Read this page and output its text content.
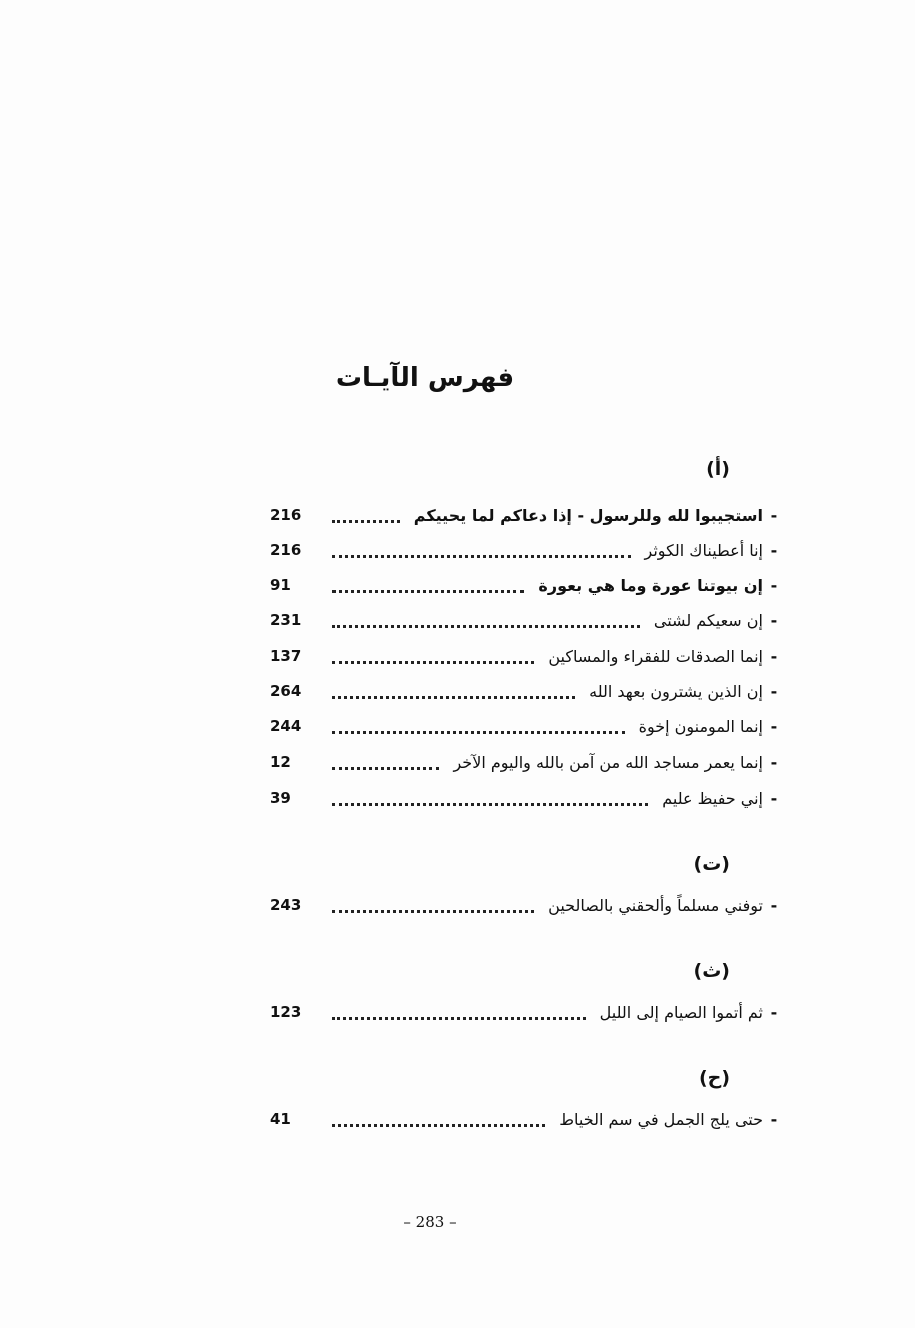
فهرس الآيـات
(أ)
-
استجيبوا لله وللرسول - إذا دعاكم لما يحييكم
216
-
إنا أعطيناك الكوثر
216
-
إن بيوتنا عورة وما هي بعورة
91
-
إن سعيكم لشتى
231
-
إنما الصدقات للفقراء والمساكين
137
-
إن الذين يشترون بعهد الله
264
-
إنما المومنون إخوة
244
-
إنما يعمر مساجد الله من آمن بالله واليوم الآخر
12
-
إني حفيظ عليم
39
(ت)
-
توفني مسلماً وألحقني بالصالحين
243
(ث)
-
ثم أتموا الصيام إلى الليل
123
(ح)
-
حتى يلج الجمل في سم الخياط
41
– 283 –
